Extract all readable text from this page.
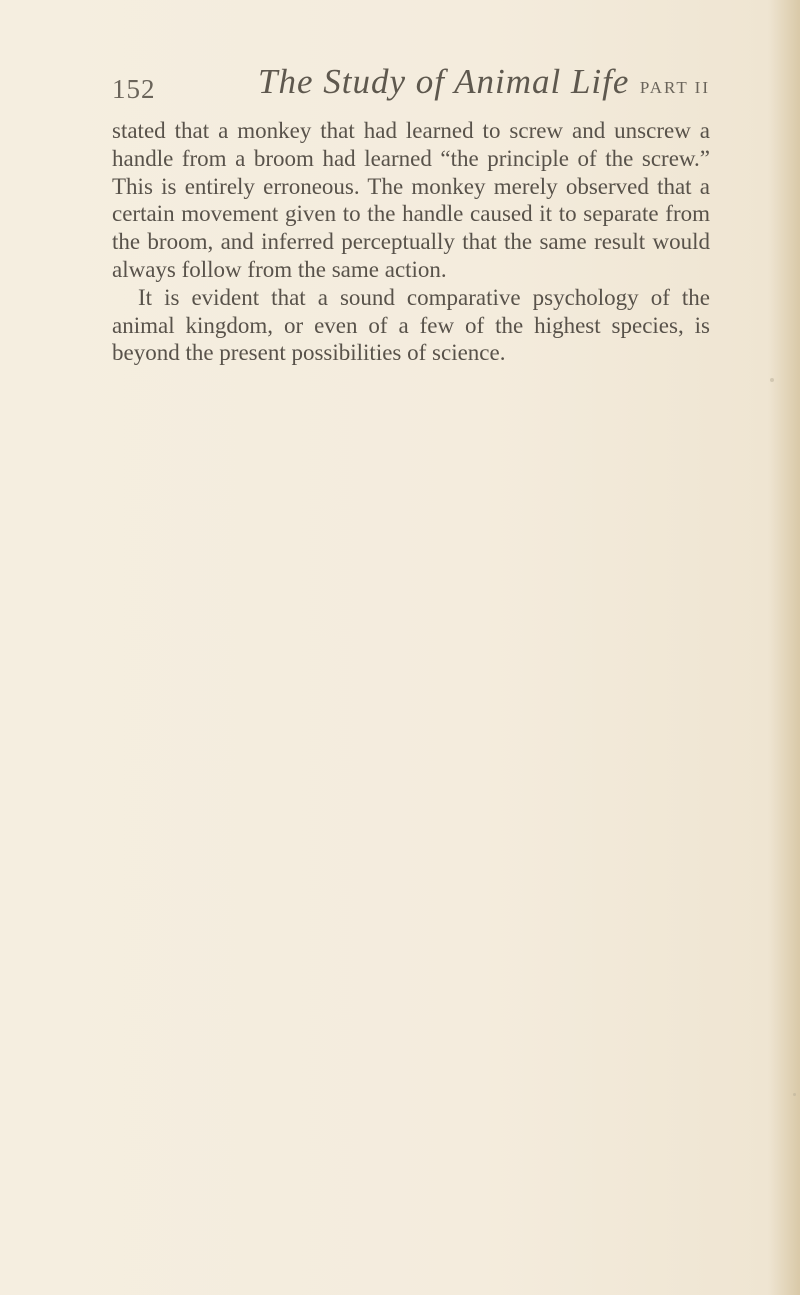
152	The Study of Animal Life PART II

stated that a monkey that had learned to screw and unscrew a handle from a broom had learned “the principle of the screw.” This is entirely erroneous. The monkey merely observed that a certain movement given to the handle caused it to separate from the broom, and inferred perceptually that the same result would always follow from the same action.

It is evident that a sound comparative psychology of the animal kingdom, or even of a few of the highest species, is beyond the present possibilities of science.
